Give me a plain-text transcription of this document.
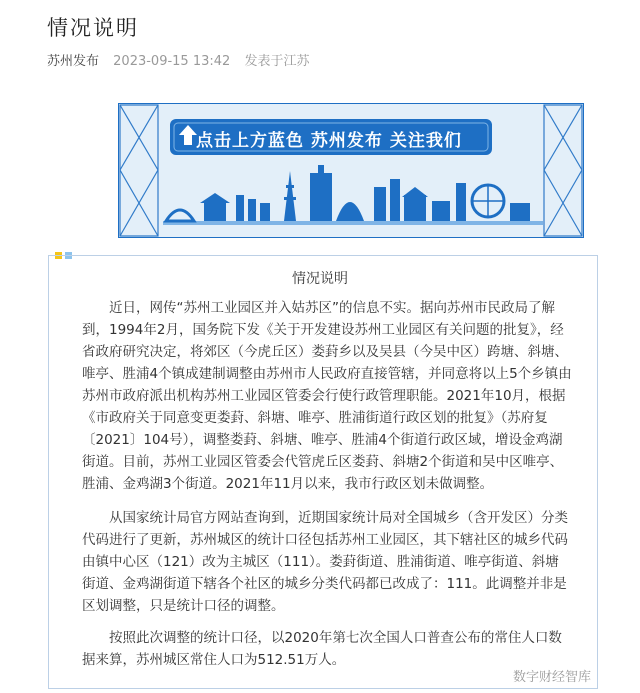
情况说明
苏州发布 2023-09-15 13:42 发表于江苏
点击上方蓝色 苏州发布 关注我们
情况说明
近日，网传“苏州工业园区并入姑苏区”的信息不实。据向苏州市民政局了解到，1994年2月，国务院下发《关于开发建设苏州工业园区有关问题的批复》，经省政府研究决定，将郊区（今虎丘区）娄葑乡以及吴县（今吴中区）跨塘、斜塘、唯亭、胜浦4个镇成建制调整由苏州市人民政府直接管辖，并同意将以上5个乡镇由苏州市政府派出机构苏州工业园区管委会行使行政管理职能。2021年10月，根据《市政府关于同意变更娄葑、斜塘、唯亭、胜浦街道行政区划的批复》（苏府复〔2021〕104号），调整娄葑、斜塘、唯亭、胜浦4个街道行政区域，增设金鸡湖街道。目前，苏州工业园区管委会代管虎丘区娄葑、斜塘2个街道和吴中区唯亭、胜浦、金鸡湖3个街道。2021年11月以来，我市行政区划未做调整。
从国家统计局官方网站查询到，近期国家统计局对全国城乡（含开发区）分类代码进行了更新，苏州城区的统计口径包括苏州工业园区，其下辖社区的城乡代码由镇中心区（121）改为主城区（111）。娄葑街道、胜浦街道、唯亭街道、斜塘街道、金鸡湖街道下辖各个社区的城乡分类代码都已改成了：111。此调整并非是区划调整，只是统计口径的调整。
按照此次调整的统计口径，以2020年第七次全国人口普查公布的常住人口数据来算，苏州城区常住人口为512.51万人。
数字财经智库
